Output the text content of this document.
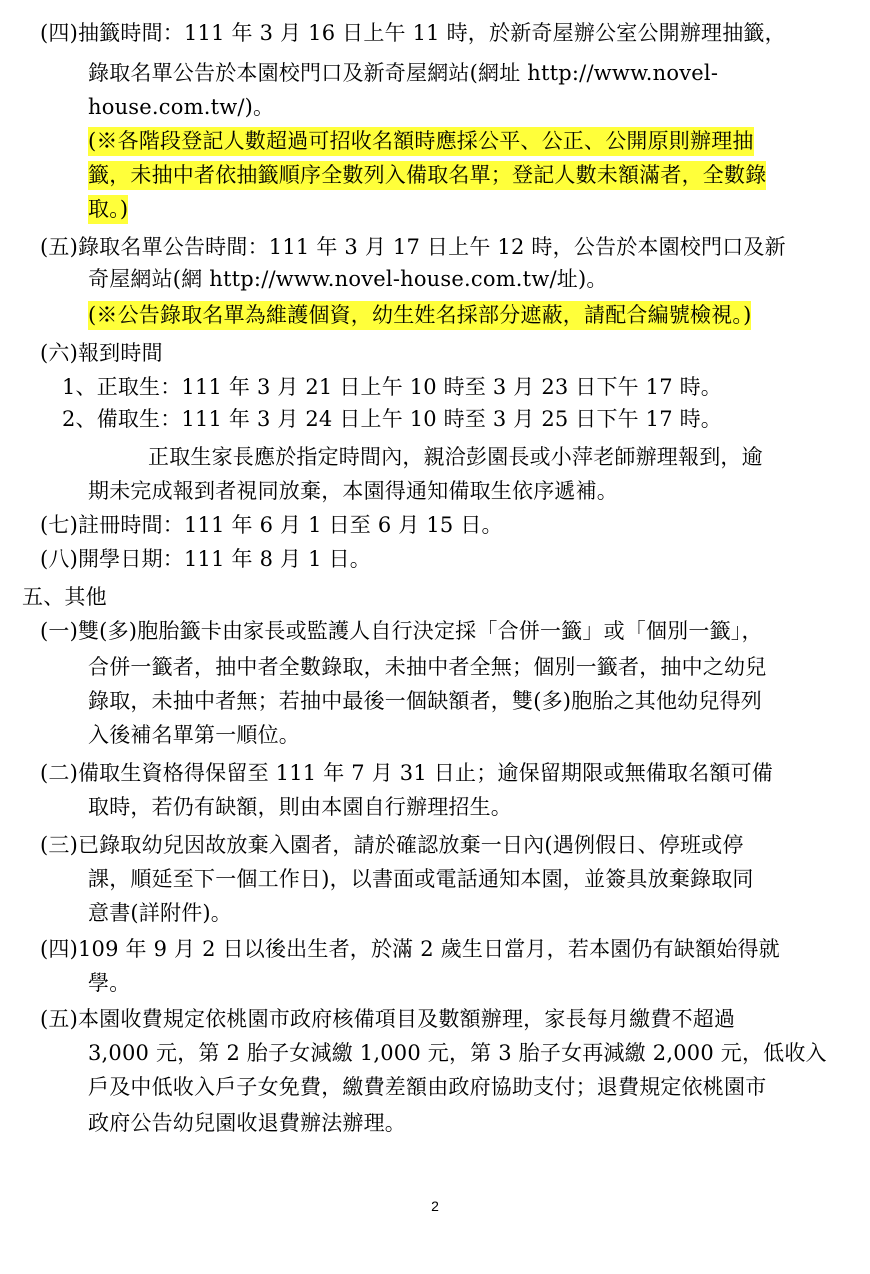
(四)抽籤時間：111 年 3 月 16 日上午 11 時，於新奇屋辦公室公開辦理抽籤，
錄取名單公告於本園校門口及新奇屋網站(網址 http://www.novel-
house.com.tw/)。
(※各階段登記人數超過可招收名額時應採公平、公正、公開原則辦理抽
籤，未抽中者依抽籤順序全數列入備取名單；登記人數未額滿者，全數錄
取。)
(五)錄取名單公告時間：111 年 3 月 17 日上午 12 時，公告於本園校門口及新
奇屋網站(網 http://www.novel-house.com.tw/址)。
(※公告錄取名單為維護個資，幼生姓名採部分遮蔽，請配合編號檢視。)
(六)報到時間
1、正取生：111 年 3 月 21 日上午 10 時至 3 月 23 日下午 17 時。
2、備取生：111 年 3 月 24 日上午 10 時至 3 月 25 日下午 17 時。
正取生家長應於指定時間內，親洽彭園長或小萍老師辦理報到，逾
期未完成報到者視同放棄，本園得通知備取生依序遞補。
(七)註冊時間：111 年 6 月 1 日至 6 月 15 日。
(八)開學日期：111 年 8 月 1 日。
五、其他
(一)雙(多)胞胎籤卡由家長或監護人自行決定採「合併一籤」或「個別一籤」，
合併一籤者，抽中者全數錄取，未抽中者全無；個別一籤者，抽中之幼兒
錄取，未抽中者無；若抽中最後一個缺額者，雙(多)胞胎之其他幼兒得列
入後補名單第一順位。
(二)備取生資格得保留至 111 年 7 月 31 日止；逾保留期限或無備取名額可備
取時，若仍有缺額，則由本園自行辦理招生。
(三)已錄取幼兒因故放棄入園者，請於確認放棄一日內(遇例假日、停班或停
課，順延至下一個工作日)，以書面或電話通知本園，並簽具放棄錄取同
意書(詳附件)。
(四)109 年 9 月 2 日以後出生者，於滿 2 歲生日當月，若本園仍有缺額始得就
學。
(五)本園收費規定依桃園市政府核備項目及數額辦理，家長每月繳費不超過
3,000 元，第 2 胎子女減繳 1,000 元，第 3 胎子女再減繳 2,000 元，低收入
戶及中低收入戶子女免費，繳費差額由政府協助支付；退費規定依桃園市
政府公告幼兒園收退費辦法辦理。
2
